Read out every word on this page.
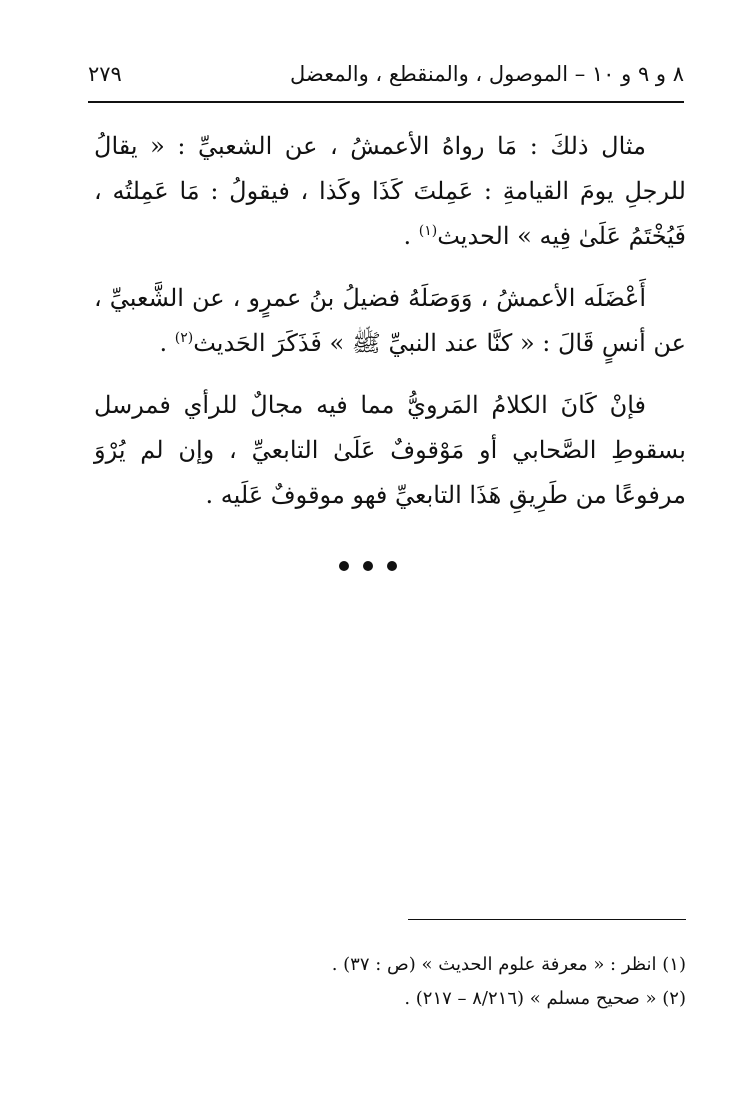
٨ و ٩ و ١٠ – الموصول ، والمنقطع ، والمعضل
٢٧٩

مثال ذلكَ : مَا رواهُ الأعمشُ ، عن الشعبيِّ : « يقالُ للرجلِ يومَ القيامةِ : عَمِلتَ كَذَا وكَذا ، فيقولُ : مَا عَمِلتُه ، فَيُخْتَمُ عَلَىٰ فِيه » الحديث$^{(١)}$ .

أَعْضَلَه الأعمشُ ، وَوَصَلَهُ فضيلُ بنُ عمرٍو ، عن الشَّعبيِّ ، عن أنسٍ قَالَ : « كنَّا عند النبيِّ ﷺ » فَذَكَرَ الحَديث$^{(٢)}$ .

فإنْ كَانَ الكلامُ المَرويُّ مما فيه مجالٌ للرأي فمرسل بسقوطِ الصَّحابي أو مَوْقوفٌ عَلَىٰ التابعيِّ ، وإن لم يُرْوَ مرفوعًا من طَرِيقِ هَذَا التابعيِّ فهو موقوفٌ عَلَيه .

(١) انظر : « معرفة علوم الحديث » (ص : ٣٧) .

(٢) « صحيح مسلم » (٨/٢١٦ – ٢١٧) .
